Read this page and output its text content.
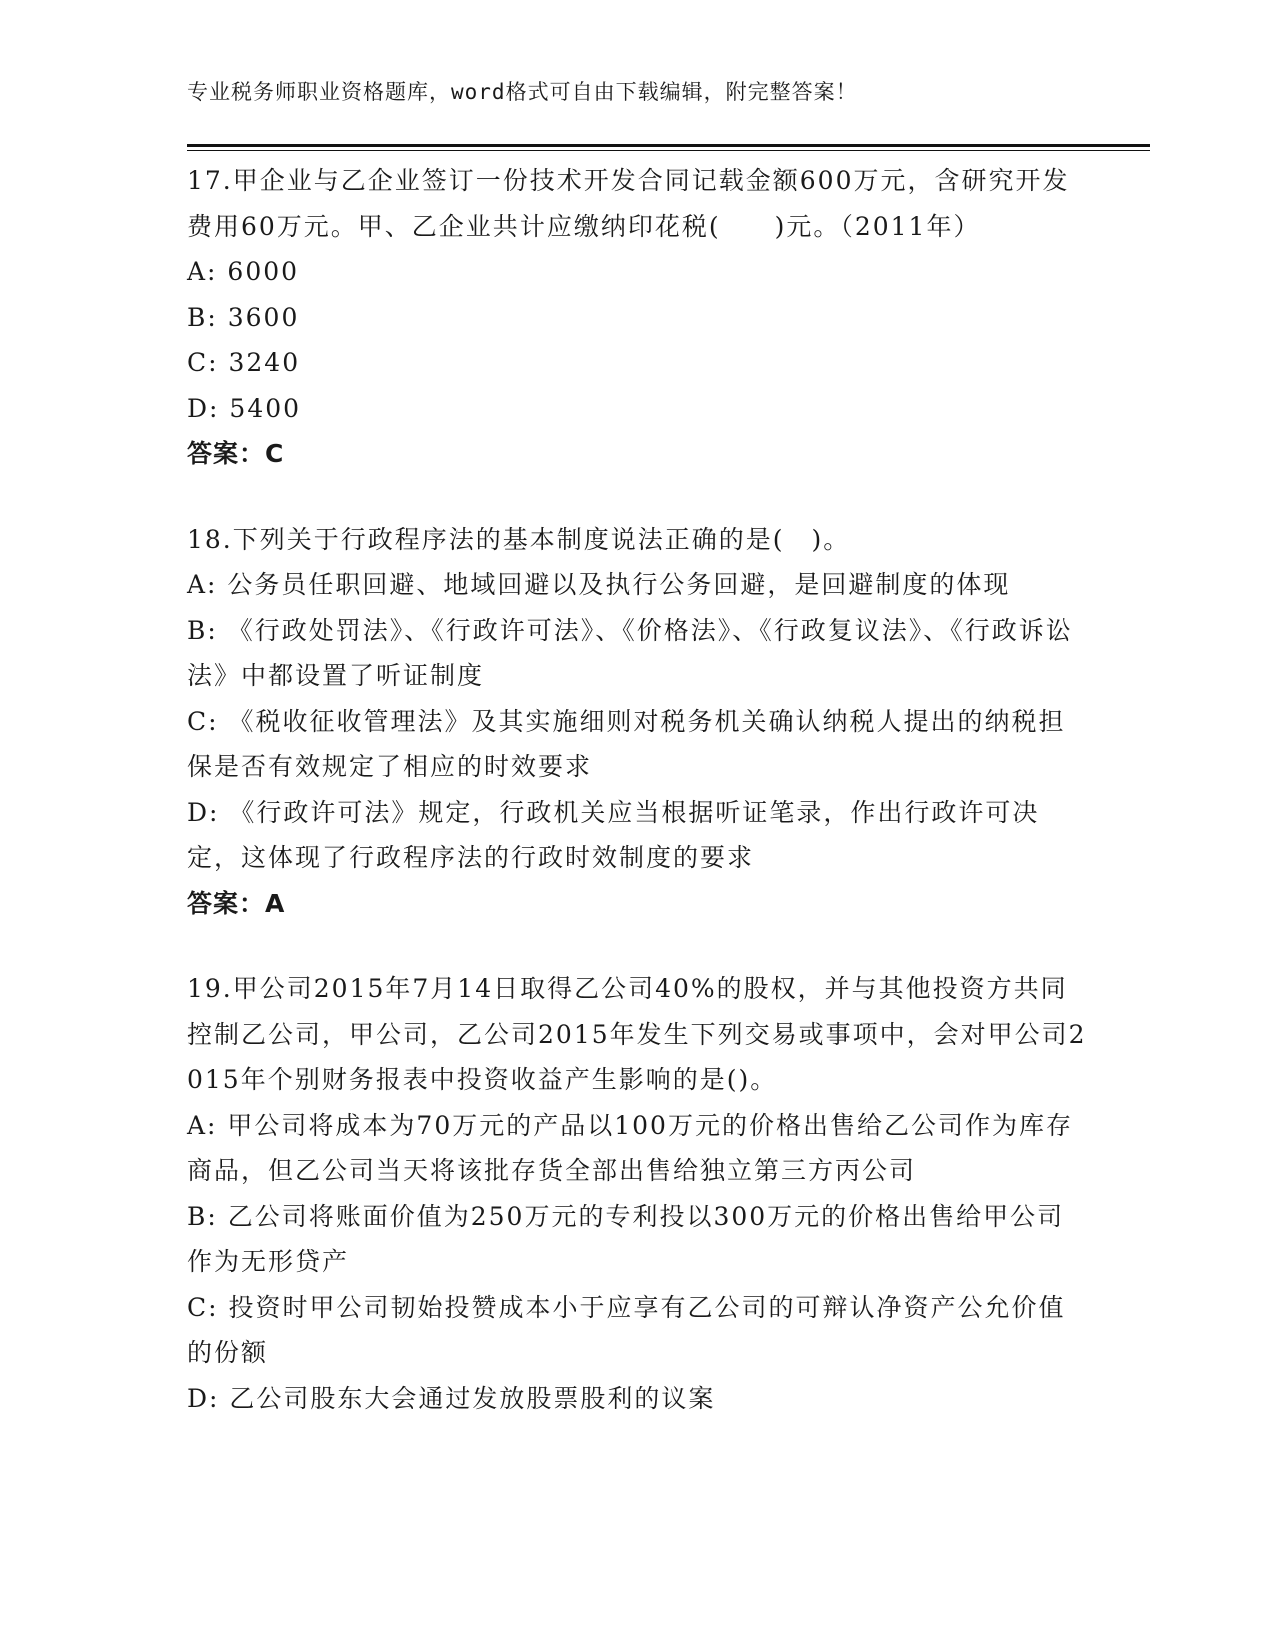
专业税务师职业资格题库，word格式可自由下载编辑，附完整答案！
17.甲企业与乙企业签订一份技术开发合同记载金额600万元，含研究开发费用60万元。甲、乙企业共计应缴纳印花税(　　)元。（2011年）
A: 6000
B: 3600
C: 3240
D: 5400
答案：C
18.下列关于行政程序法的基本制度说法正确的是(　)。
A: 公务员任职回避、地域回避以及执行公务回避，是回避制度的体现
B: 《行政处罚法》、《行政许可法》、《价格法》、《行政复议法》、《行政诉讼法》中都设置了听证制度
C: 《税收征收管理法》及其实施细则对税务机关确认纳税人提出的纳税担保是否有效规定了相应的时效要求
D: 《行政许可法》规定，行政机关应当根据听证笔录，作出行政许可决定，这体现了行政程序法的行政时效制度的要求
答案：A
19.甲公司2015年7月14日取得乙公司40%的股权，并与其他投资方共同控制乙公司，甲公司，乙公司2015年发生下列交易或事项中，会对甲公司2015年个别财务报表中投资收益产生影响的是()。
A: 甲公司将成本为70万元的产品以100万元的价格出售给乙公司作为库存商品，但乙公司当天将该批存货全部出售给独立第三方丙公司
B: 乙公司将账面价值为250万元的专利投以300万元的价格出售给甲公司作为无形贷产
C: 投资时甲公司韧始投赞成本小于应享有乙公司的可辩认净资产公允价值的份额
D: 乙公司股东大会通过发放股票股利的议案
